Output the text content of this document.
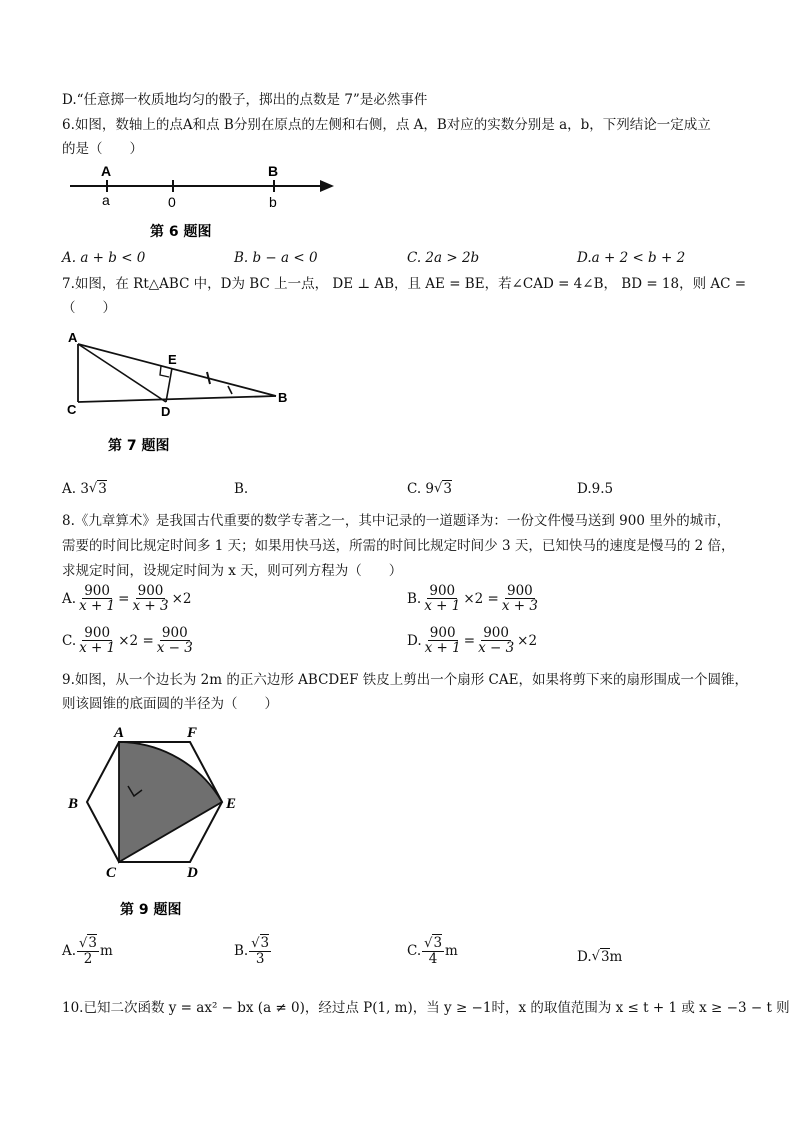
D.“任意掷一枚质地均匀的骰子，掷出的点数是 7”是必然事件
6.如图，数轴上的点A和点 B分别在原点的左侧和右侧，点 A，B对应的实数分别是 a，b，下列结论一定成立
的是（　　）
A	B
a	0	b
第 6 题图
A. a + b < 0	B. b − a < 0	C. 2a > 2b	D.a + 2 < b + 2
7.如图，在 Rt△ABC 中，D为 BC 上一点， DE ⊥ AB，且 AE = BE，若∠CAD = 4∠B， BD = 18，则 AC =
（　　）
A
E
C	D
B
第 7 题图
A. 3 √ 3	B.	C. 9 √ 3	D.9.5
8.《九章算术》是我国古代重要的数学专著之一，其中记录的一道题译为：一份文件慢马送到 900 里外的城市，
需要的时间比规定时间多 1 天；如果用快马送，所需的时间比规定时间少 3 天，已知快马的速度是慢马的 2 倍，
求规定时间，设规定时间为 x 天，则可列方程为（　　）
A. $\frac{900}{x + 1} = \frac{900}{x + 3} \times 2$	B. $\frac{900}{x + 1} \times 2 = \frac{900}{x + 3}$
C. $\frac{900}{x + 1} \times 2 = \frac{900}{x - 3}$	D. $\frac{900}{x + 1} = \frac{900}{x - 3} \times 2$
9.如图，从一个边长为 2m 的正六边形 ABCDEF 铁皮上剪出一个扇形 CAE，如果将剪下来的扇形围成一个圆锥，
则该圆锥的底面圆的半径为（　　）
A	F
B	E
C	D
第 9 题图
A. $\frac{√3}{2}$ m	B. $\frac{√3}{3}$	C. $\frac{√3}{4}$ m	D. √ 3 m
10.已知二次函数 y = ax² − bx (a ≠ 0)，经过点 P(1, m)，当 y ≥ −1时，x 的取值范围为 x ≤ t + 1 或 x ≥ −3 − t 则
